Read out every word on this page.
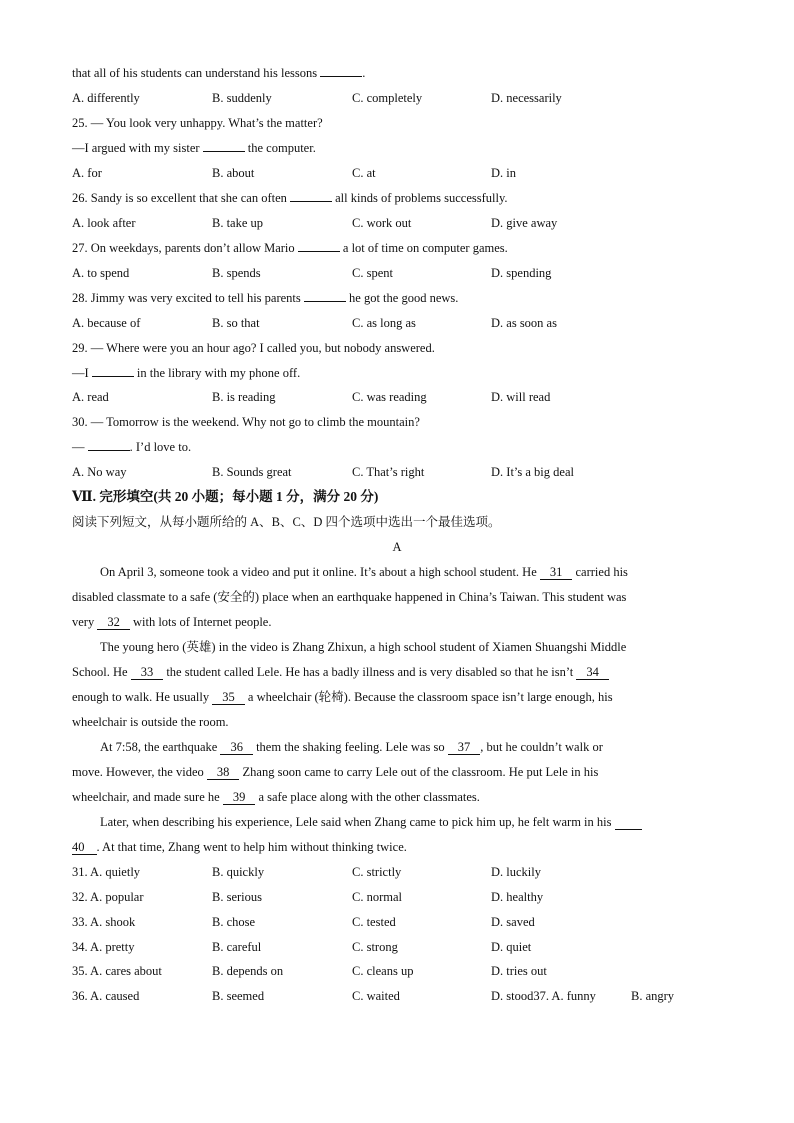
that all of his students can understand his lessons	.
A. differently	B. suddenly	C. completely	D. necessarily
25. — You look very unhappy. What’s the matter?
—I argued with my sister	the computer.
A. for	B. about	C. at	D. in
26. Sandy is so excellent that she can often	all kinds of problems successfully.
A. look after	B. take up	C. work out	D. give away
27. On weekdays, parents don’t allow Mario	a lot of time on computer games.
A. to spend	B. spends	C. spent	D. spending
28. Jimmy was very excited to tell his parents	he got the good news.
A. because of	B. so that	C. as long as	D. as soon as
29. — Where were you an hour ago? I called you, but nobody answered.
—I	in the library with my phone off.
A. read	B. is reading	C. was reading	D. will read
30. — Tomorrow is the weekend. Why not go to climb the mountain?
—	. I’d love to.
A. No way	B. Sounds great	C. That’s right	D. It’s a big deal
Ⅶ. 完形填空(共 20 小题；每小题 1 分，满分 20 分)
阅读下列短文，从每小题所给的 A、B、C、D 四个选项中选出一个最佳选项。
A
On April 3, someone took a video and put it online. It’s about a high school student. He 31 carried his
disabled classmate to a safe (安全的) place when an earthquake happened in China’s Taiwan. This student was
very 32 with lots of Internet people.
The young hero (英雄) in the video is Zhang Zhixun, a high school student of Xiamen Shuangshi Middle
School. He 33 the student called Lele. He has a badly illness and is very disabled so that he isn’t 34
enough to walk. He usually 35 a wheelchair (轮椅). Because the classroom space isn’t large enough, his
wheelchair is outside the room.
At 7:58, the earthquake 36 them the shaking feeling. Lele was so 37 , but he couldn’t walk or
move. However, the video 38 Zhang soon came to carry Lele out of the classroom. He put Lele in his
wheelchair, and made sure he 39 a safe place along with the other classmates.
Later, when describing his experience, Lele said when Zhang came to pick him up, he felt warm in his
40 . At that time, Zhang went to help him without thinking twice.
31. A. quietly	B. quickly	C. strictly	D. luckily
32. A. popular	B. serious	C. normal	D. healthy
33. A. shook	B. chose	C. tested	D. saved
34. A. pretty	B. careful	C. strong	D. quiet
35. A. cares about	B. depends on	C. cleans up	D. tries out
36. A. caused	B. seemed	C. waited	D. stood37. A. funny	B. angry
